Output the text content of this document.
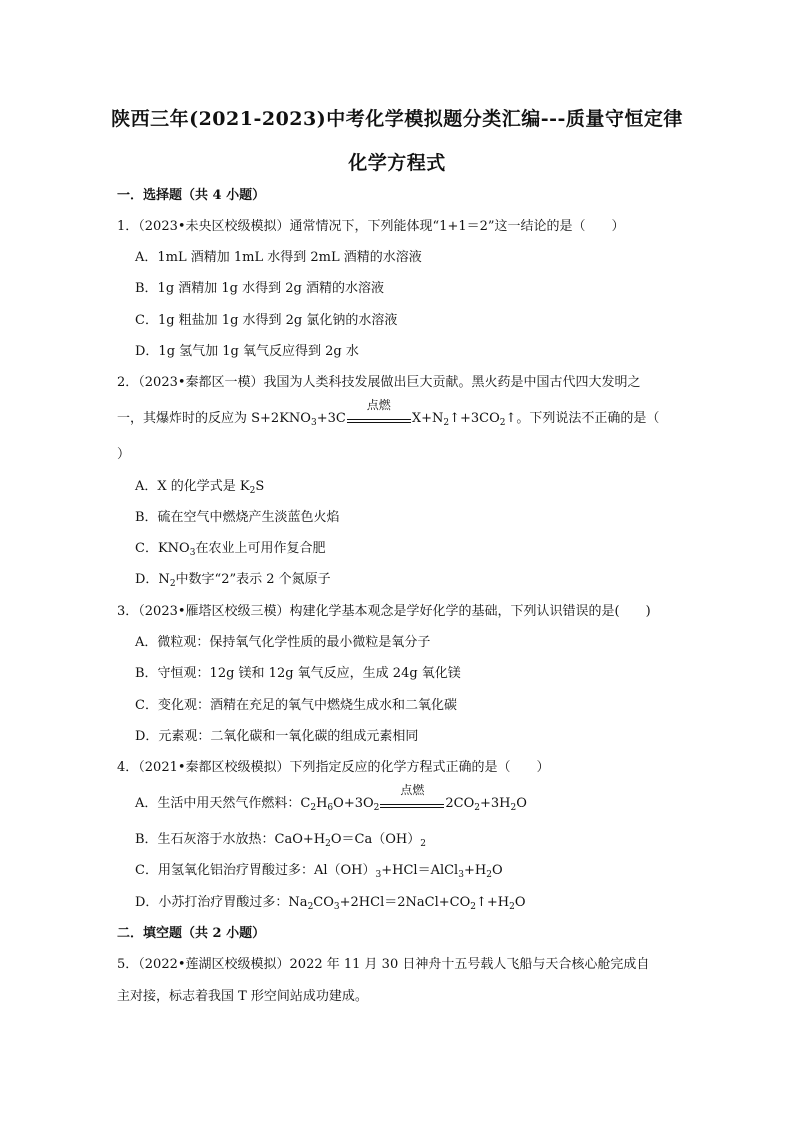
陕西三年(2021-2023)中考化学模拟题分类汇编---质量守恒定律
化学方程式
一．选择题（共 4 小题）
1．（2023•未央区校级模拟）通常情况下，下列能体现“1+1＝2”这一结论的是（　　）
A．1mL 酒精加 1mL 水得到 2mL 酒精的水溶液
B．1g 酒精加 1g 水得到 2g 酒精的水溶液
C．1g 粗盐加 1g 水得到 2g 氯化钠的水溶液
D．1g 氢气加 1g 氧气反应得到 2g 水
2．（2023•秦都区一模）我国为人类科技发展做出巨大贡献。黑火药是中国古代四大发明之
一，其爆炸时的反应为 $S+2KNO_3+3C$
点燃
$X+N_2↑+3CO_2↑$。下列说法不正确的是（
）
A．X 的化学式是 $K_2S$
B．硫在空气中燃烧产生淡蓝色火焰
C．$KNO_3$在农业上可用作复合肥
D．$N_2$中数字“2”表示 2 个氮原子
3．（2023•雁塔区校级三模）构建化学基本观念是学好化学的基础，下列认识错误的是(　　)
A．微粒观：保持氧气化学性质的最小微粒是氧分子
B．守恒观：12g 镁和 12g 氧气反应，生成 24g 氧化镁
C．变化观：酒精在充足的氧气中燃烧生成水和二氧化碳
D．元素观：二氧化碳和一氧化碳的组成元素相同
4．（2021•秦都区校级模拟）下列指定反应的化学方程式正确的是（　　）
A．生活中用天然气作燃料：$C_2H_6O+3O_2$
点燃
$2CO_2+3H_2O$
B．生石灰溶于水放热：$CaO+H_2O=Ca(OH)_2$
C．用氢氧化铝治疗胃酸过多：$Al(OH)_3+HCl=AlCl_3+H_2O$
D．小苏打治疗胃酸过多：$Na_2CO_3+2HCl=2NaCl+CO_2↑+H_2O$
二．填空题（共 2 小题）
5．（2022•莲湖区校级模拟）2022 年 11 月 30 日神舟十五号载人飞船与天合核心舱完成自
主对接，标志着我国 T 形空间站成功建成。
